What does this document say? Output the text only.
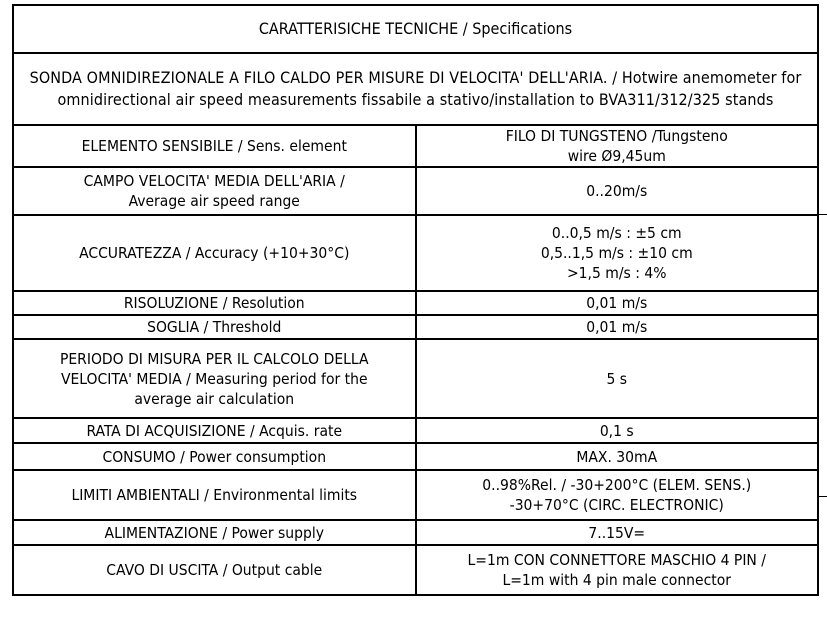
CARATTERISICHE TECNICHE / Specifications	
SONDA OMNIDIREZIONALE A FILO CALDO PER MISURE DI VELOCITA' DELL'ARIA. / Hotwire anemometer for omnidirectional air speed measurements fissabile a stativo/installation to BVA311/312/325 stands	

ELEMENTO SENSIBILE / Sens. element	FILO DI TUNGSTENO /Tungsteno
wire Ø9,45um

CAMPO VELOCITA' MEDIA DELL'ARIA /
Average air speed range	0..20m/s

ACCURATEZZA / Accuracy (+10+30°C)	0..0,5 m/s : ±5 cm
0,5..1,5 m/s : ±10 cm
>1,5 m/s : 4%

RISOLUZIONE / Resolution	0,01 m/s

SOGLIA / Threshold	0,01 m/s

PERIODO DI MISURA PER IL CALCOLO DELLA
VELOCITA' MEDIA / Measuring period for the
average air calculation	5 s

RATA DI ACQUISIZIONE / Acquis. rate	0,1 s

CONSUMO / Power consumption	MAX. 30mA

LIMITI AMBIENTALI / Environmental limits	0..98%Rel. / -30+200°C (ELEM. SENS.)
-30+70°C (CIRC. ELECTRONIC)

ALIMENTAZIONE / Power supply	7..15V=

CAVO DI USCITA / Output cable	L=1m CON CONNETTORE MASCHIO 4 PIN /
L=1m with 4 pin male connector
